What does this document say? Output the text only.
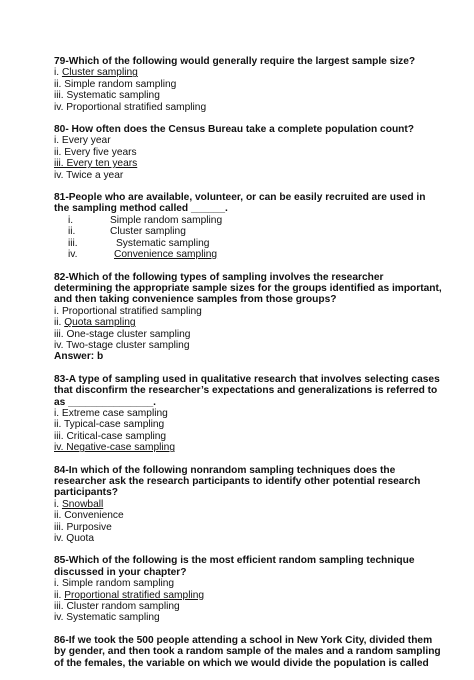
79-Which of the following would generally require the largest sample size?
i. Cluster sampling
ii. Simple random sampling
iii. Systematic sampling
iv. Proportional stratified sampling
80- How often does the Census Bureau take a complete population count?
i. Every year
ii. Every five years
iii. Every ten years
iv. Twice a year
81-People who are available, volunteer, or can be easily recruited are used in
the sampling method called ______.
i.	Simple random sampling
ii.	Cluster sampling
iii.	Systematic sampling
iv.	Convenience sampling
82-Which of the following types of sampling involves the researcher
determining the appropriate sample sizes for the groups identified as important,
and then taking convenience samples from those groups?
i. Proportional stratified sampling
ii. Quota sampling
iii. One-stage cluster sampling
iv. Two-stage cluster sampling
Answer: b
83-A type of sampling used in qualitative research that involves selecting cases
that disconfirm the researcher’s expectations and generalizations is referred to
as _______________.
i. Extreme case sampling
ii. Typical-case sampling
iii. Critical-case sampling
iv. Negative-case sampling
84-In which of the following nonrandom sampling techniques does the
researcher ask the research participants to identify other potential research
participants?
i. Snowball
ii. Convenience
iii. Purposive
iv. Quota
85-Which of the following is the most efficient random sampling technique
discussed in your chapter?
i. Simple random sampling
ii. Proportional stratified sampling
iii. Cluster random sampling
iv. Systematic sampling
86-If we took the 500 people attending a school in New York City, divided them
by gender, and then took a random sample of the males and a random sampling
of the females, the variable on which we would divide the population is called
